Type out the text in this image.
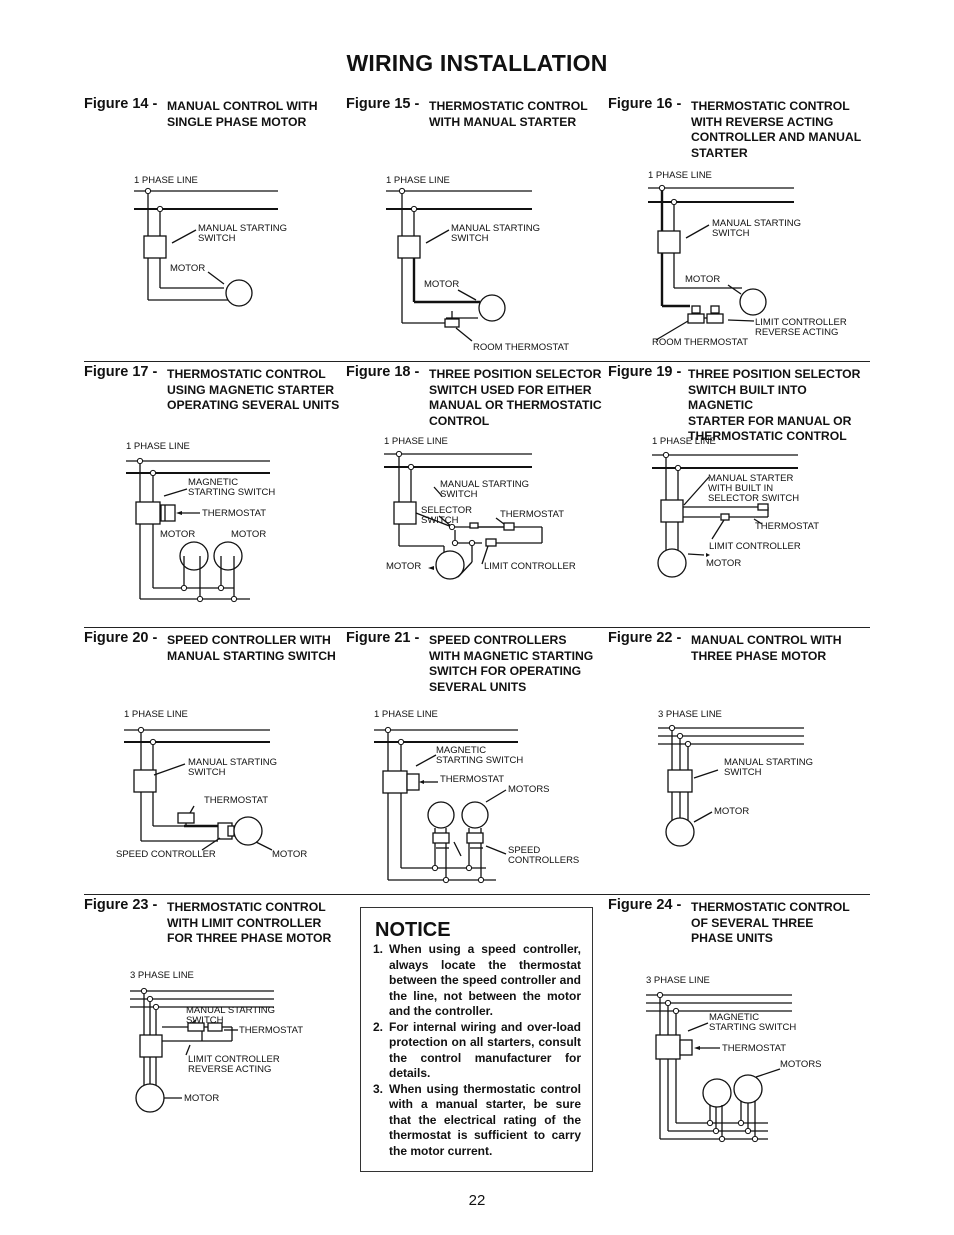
WIRING INSTALLATION
Figure 14 - MANUAL CONTROL WITH
SINGLE PHASE MOTOR
1 PHASE LINE
MANUAL STARTING
SWITCH
MOTOR
Figure 15 - THERMOSTATIC CONTROL
WITH MANUAL STARTER
1 PHASE LINE
MANUAL STARTING
SWITCH
MOTOR
ROOM THERMOSTAT
Figure 16 - THERMOSTATIC CONTROL
WITH REVERSE ACTING
CONTROLLER AND MANUAL
STARTER
1 PHASE LINE
MANUAL STARTING
SWITCH
MOTOR
LIMIT CONTROLLER
REVERSE ACTING
ROOM THERMOSTAT
Figure 17 - THERMOSTATIC CONTROL
USING MAGNETIC STARTER
OPERATING SEVERAL UNITS
1 PHASE LINE
MAGNETIC
STARTING SWITCH
THERMOSTAT
MOTOR	MOTOR
Figure 18 - THREE POSITION SELECTOR
SWITCH USED FOR EITHER
MANUAL OR THERMOSTATIC
CONTROL
1 PHASE LINE
MANUAL STARTING
SWITCH
SELECTOR
SWITCH
THERMOSTAT
MOTOR	LIMIT CONTROLLER
Figure 19 - THREE POSITION SELECTOR
SWITCH BUILT INTO MAGNETIC
STARTER FOR MANUAL OR
THERMOSTATIC CONTROL
1 PHASE LINE
MANUAL STARTER
WITH BUILT IN
SELECTOR SWITCH
THERMOSTAT
LIMIT CONTROLLER
MOTOR
Figure 20 - SPEED CONTROLLER WITH
MANUAL STARTING SWITCH
1 PHASE LINE
MANUAL STARTING
SWITCH
THERMOSTAT
SPEED CONTROLLER	MOTOR
Figure 21 - SPEED CONTROLLERS
WITH MAGNETIC STARTING
SWITCH FOR OPERATING
SEVERAL UNITS
1 PHASE LINE
MAGNETIC
STARTING SWITCH
THERMOSTAT
MOTORS
SPEED
CONTROLLERS
Figure 22 - MANUAL CONTROL WITH
THREE PHASE MOTOR
3 PHASE LINE
MANUAL STARTING
SWITCH
MOTOR
Figure 23 - THERMOSTATIC CONTROL
WITH LIMIT CONTROLLER
FOR THREE PHASE MOTOR
3 PHASE LINE
MANUAL STARTING
SWITCH
THERMOSTAT
LIMIT CONTROLLER
REVERSE ACTING
MOTOR
NOTICE
1. When using a speed controller, always locate the thermostat between the speed controller and the line, not between the motor and the controller.
2. For internal wiring and over-load protection on all starters, consult the control manufacturer for details.
3. When using thermostatic control with a manual starter, be sure that the electrical rating of the thermostat is sufficient to carry the motor current.
Figure 24 - THERMOSTATIC CONTROL
OF SEVERAL THREE
PHASE UNITS
3 PHASE LINE
MAGNETIC
STARTING SWITCH
THERMOSTAT
MOTORS
22
